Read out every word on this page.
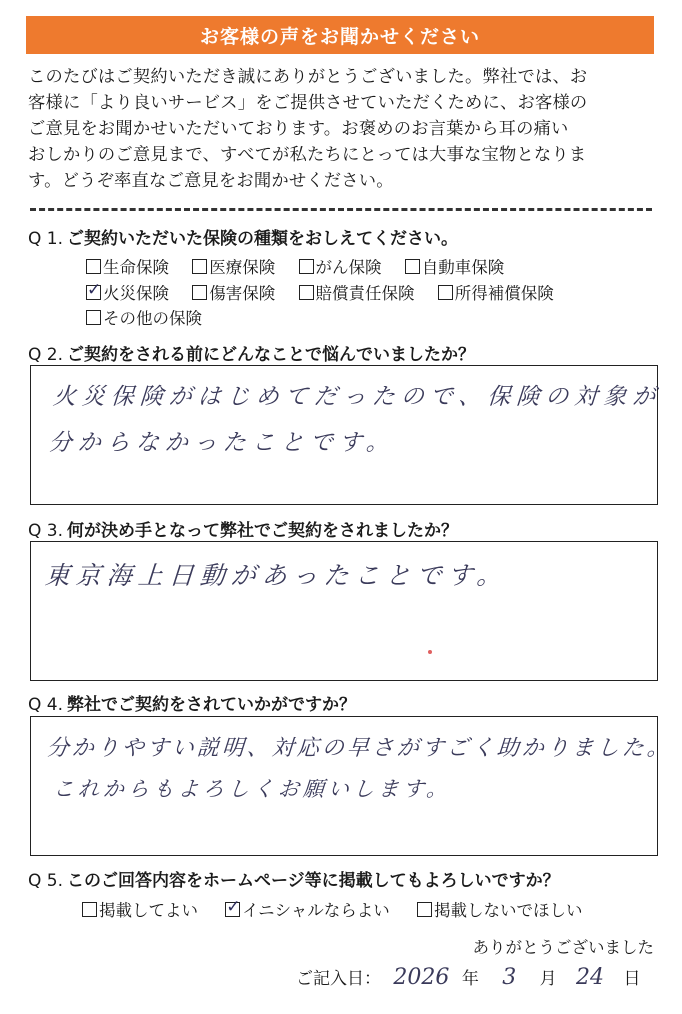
お客様の声をお聞かせください
このたびはご契約いただき誠にありがとうございました。弊社では、お
客様に「より良いサービス」をご提供させていただくために、お客様の
ご意見をお聞かせいただいております。お褒めのお言葉から耳の痛い
おしかりのご意見まで、すべてが私たちにとっては大事な宝物となりま
す。どうぞ率直なご意見をお聞かせください。
Q 1. ご契約いただいた保険の種類をおしえてください。
生命保険 医療保険 がん保険 自動車保険
✓火災保険 傷害保険 賠償責任保険 所得補償保険
その他の保険
Q 2. ご契約をされる前にどんなことで悩んでいましたか？
火災保険がはじめてだったので、保険の対象が
分からなかったことです。
Q 3. 何が決め手となって弊社でご契約をされましたか？
東京海上日動があったことです。
Q 4. 弊社でご契約をされていかがですか？
分かりやすい説明、対応の早さがすごく助かりました。
これからもよろしくお願いします。
Q 5. このご回答内容をホームページ等に掲載してもよろしいですか？
掲載してよい ✓	イニシャルならよい	掲載しないでほしい
ありがとうございました
ご記入日： 2026 年 3 月 24 日
